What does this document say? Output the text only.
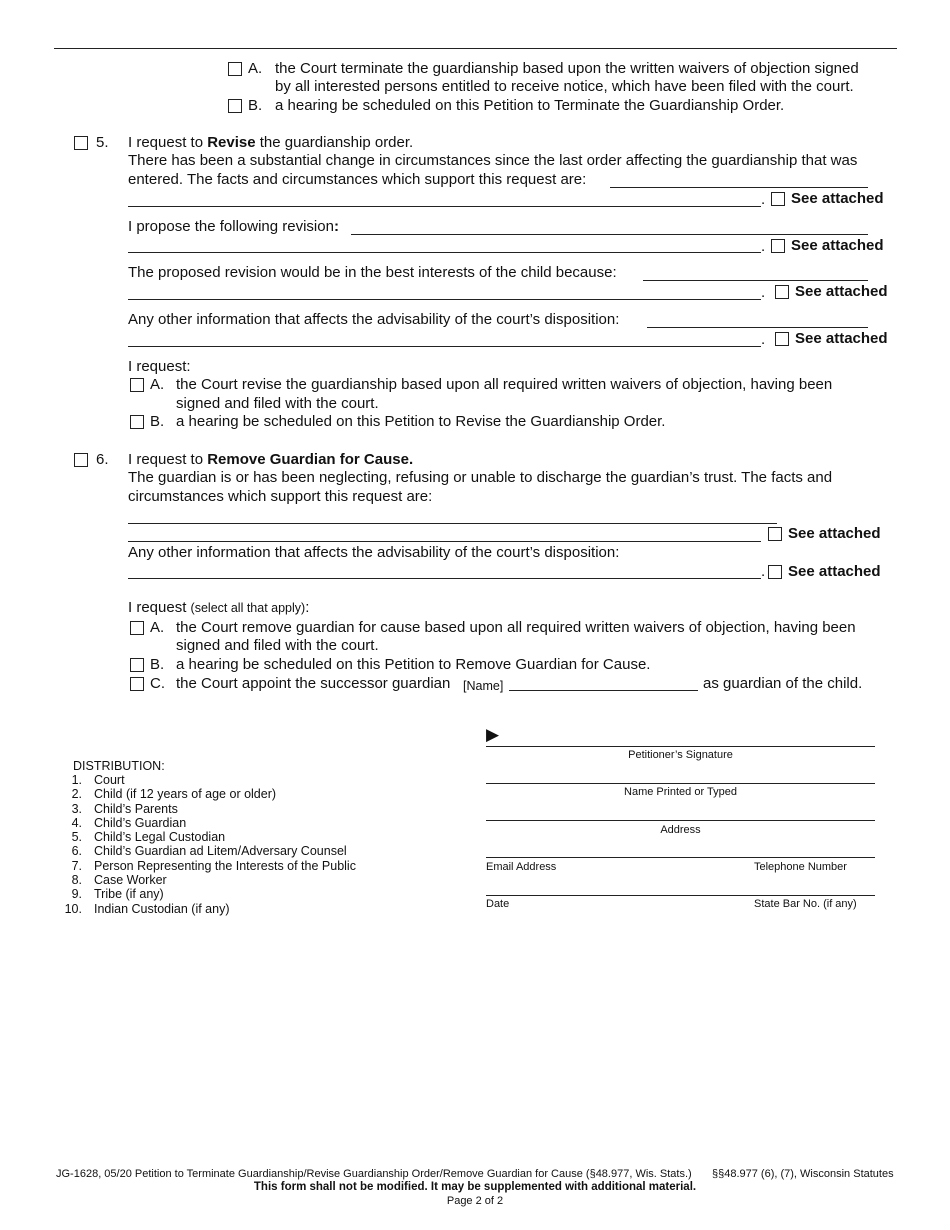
A. the Court terminate the guardianship based upon the written waivers of objection signed
by all interested persons entitled to receive notice, which have been filed with the court.
B. a hearing be scheduled on this Petition to Terminate the Guardianship Order.
5. I request to Revise the guardianship order.
There has been a substantial change in circumstances since the last order affecting the guardianship that was
entered. The facts and circumstances which support this request are:
. See attached
I propose the following revision:
. See attached
The proposed revision would be in the best interests of the child because:
. See attached
Any other information that affects the advisability of the court’s disposition:
. See attached
I request:
A. the Court revise the guardianship based upon all required written waivers of objection, having been
signed and filed with the court.
B. a hearing be scheduled on this Petition to Revise the Guardianship Order.
6. I request to Remove Guardian for Cause.
The guardian is or has been neglecting, refusing or unable to discharge the guardian’s trust. The facts and
circumstances which support this request are:
See attached
Any other information that affects the advisability of the court’s disposition:
. See attached
I request (select all that apply):
A. the Court remove guardian for cause based upon all required written waivers of objection, having been
signed and filed with the court.
B. a hearing be scheduled on this Petition to Remove Guardian for Cause.
C. the Court appoint the successor guardian [Name]	as guardian of the child.
▶
Petitioner’s Signature
Name Printed or Typed
Address
Email Address	Telephone Number
Date	State Bar No. (if any)
DISTRIBUTION:
1. Court
2. Child (if 12 years of age or older)
3. Child’s Parents
4. Child’s Guardian
5. Child’s Legal Custodian
6. Child’s Guardian ad Litem/Adversary Counsel
7. Person Representing the Interests of the Public
8. Case Worker
9. Tribe (if any)
10. Indian Custodian (if any)
JG-1628, 05/20 Petition to Terminate Guardianship/Revise Guardianship Order/Remove Guardian for Cause (§48.977, Wis. Stats.) §§48.977 (6), (7), Wisconsin Statutes
This form shall not be modified. It may be supplemented with additional material.
Page 2 of 2
